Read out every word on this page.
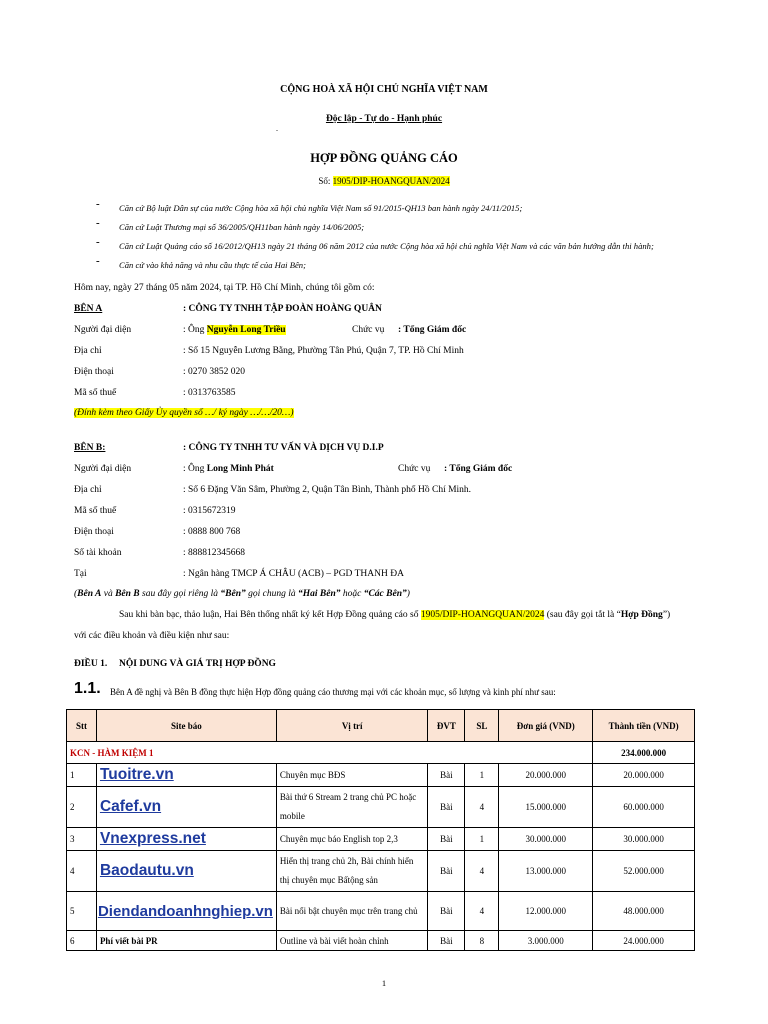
CỘNG HOÀ XÃ HỘI CHỦ NGHĨA VIỆT NAM
Độc lập - Tự do - Hạnh phúc
.
HỢP ĐỒNG QUẢNG CÁO
Số: 1905/DIP-HOANGQUAN/2024
- Căn cứ Bộ luật Dân sự của nước Cộng hòa xã hội chủ nghĩa Việt Nam số 91/2015-QH13 ban hành ngày 24/11/2015;
- Căn cứ Luật Thương mại số 36/2005/QH11ban hành ngày 14/06/2005;
- Căn cứ Luật Quảng cáo số 16/2012/QH13 ngày 21 tháng 06 năm 2012 của nước Cộng hòa xã hội chủ nghĩa Việt Nam và các văn bản hướng dẫn thi hành;
- Căn cứ vào khả năng và nhu cầu thực tế của Hai Bên;
Hôm nay, ngày 27 tháng 05 năm 2024, tại TP. Hồ Chí Minh, chúng tôi gồm có:
BÊN A	: CÔNG TY TNHH TẬP ĐOÀN HOÀNG QUÂN
Người đại diện	: Ông Nguyễn Long Triều	Chức vụ : Tổng Giám đốc
Địa chỉ	: Số 15 Nguyễn Lương Bằng, Phường Tân Phú, Quận 7, TP. Hồ Chí Minh
Điện thoại	: 0270 3852 020
Mã số thuế	: 0313763585
(Đính kèm theo Giấy Ủy quyền số …/ ký ngày …/…/20…)
BÊN B:	: CÔNG TY TNHH TƯ VẤN VÀ DỊCH VỤ D.I.P
Người đại diện	: Ông Long Minh Phát	Chức vụ : Tổng Giám đốc
Địa chỉ	: Số 6 Đặng Văn Sâm, Phường 2, Quận Tân Bình, Thành phố Hồ Chí Minh.
Mã số thuế	: 0315672319
Điện thoại	: 0888 800 768
Số tài khoản	: 888812345668
Tại	: Ngân hàng TMCP Á CHÂU (ACB) – PGD THANH ĐA
(Bên A và Bên B sau đây gọi riêng là “Bên” gọi chung là “Hai Bên” hoặc “Các Bên”)
Sau khi bàn bạc, thảo luận, Hai Bên thống nhất ký kết Hợp Đồng quảng cáo số 1905/DIP-HOANGQUAN/2024 (sau đây gọi tắt là “Hợp Đồng”)
với các điều khoản và điều kiện như sau:
ĐIỀU 1. NỘI DUNG VÀ GIÁ TRỊ HỢP ĐỒNG
1.1. Bên A đề nghị và Bên B đồng thực hiện Hợp đồng quảng cáo thương mại với các khoản mục, số lượng và kinh phí như sau:
Stt	Site báo	Vị trí	ĐVT	SL	Đơn giá (VND)	Thành tiền (VND)
KCN - HÀM KIỆM 1						234.000.000
1	Tuoitre.vn	Chuyên mục BĐS	Bài	1	20.000.000	20.000.000
2	Cafef.vn	Bài thứ 6 Stream 2 trang chủ PC hoặc mobile	Bài	4	15.000.000	60.000.000
3	Vnexpress.net	Chuyên mục báo English top 2,3	Bài	1	30.000.000	30.000.000
4	Baodautu.vn	Hiển thị trang chủ 2h, Bài chính hiển thị chuyên mục Bấtộng sản	Bài	4	13.000.000	52.000.000
5	Diendandoanhnghiep.vn	Bài nổi bật chuyên mục trên trang chủ	Bài	4	12.000.000	48.000.000
6	Phí viết bài PR	Outline và bài viết hoàn chỉnh	Bài	8	3.000.000	24.000.000
1
